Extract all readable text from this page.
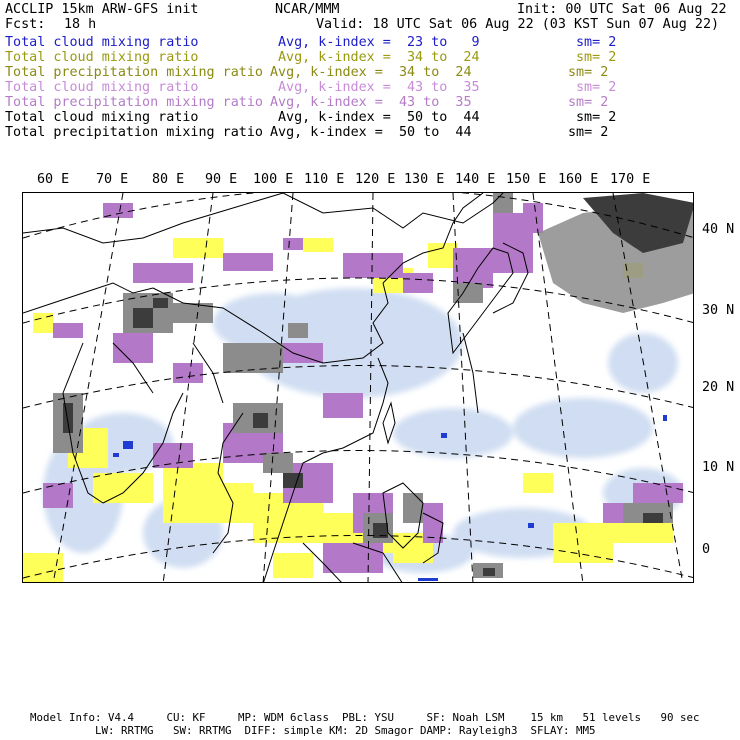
ACCLIP 15km ARW-GFS init	NCAR/MMM	Init: 00 UTC Sat 06 Aug 22
Fcst: 18 h	Valid: 18 UTC Sat 06 Aug 22 (03 KST Sun 07 Aug 22)
Total cloud mixing ratio	Avg, k-index =  23 to   9	sm= 2
Total cloud mixing ratio	Avg, k-index =  34 to  24	sm= 2
Total precipitation mixing ratio Avg, k-index =  34 to  24	sm= 2
Total cloud mixing ratio	Avg, k-index =  43 to  35	sm= 2
Total precipitation mixing ratio Avg, k-index =  43 to  35	sm= 2
Total cloud mixing ratio	Avg, k-index =  50 to  44	sm= 2
Total precipitation mixing ratio Avg, k-index =  50 to  44	sm= 2
60 E 70 E 80 E 90 E 100 E 110 E 120 E 130 E 140 E 150 E 160 E 170 E
40 N
30 N
20 N
10 N
0
Model Info: V4.4     CU: KF     MP: WDM 6class  PBL: YSU     SF: Noah LSM    15 km   51 levels   90 sec
LW: RRTMG   SW: RRTMG  DIFF: simple KM: 2D Smagor DAMP: Rayleigh3  SFLAY: MM5
